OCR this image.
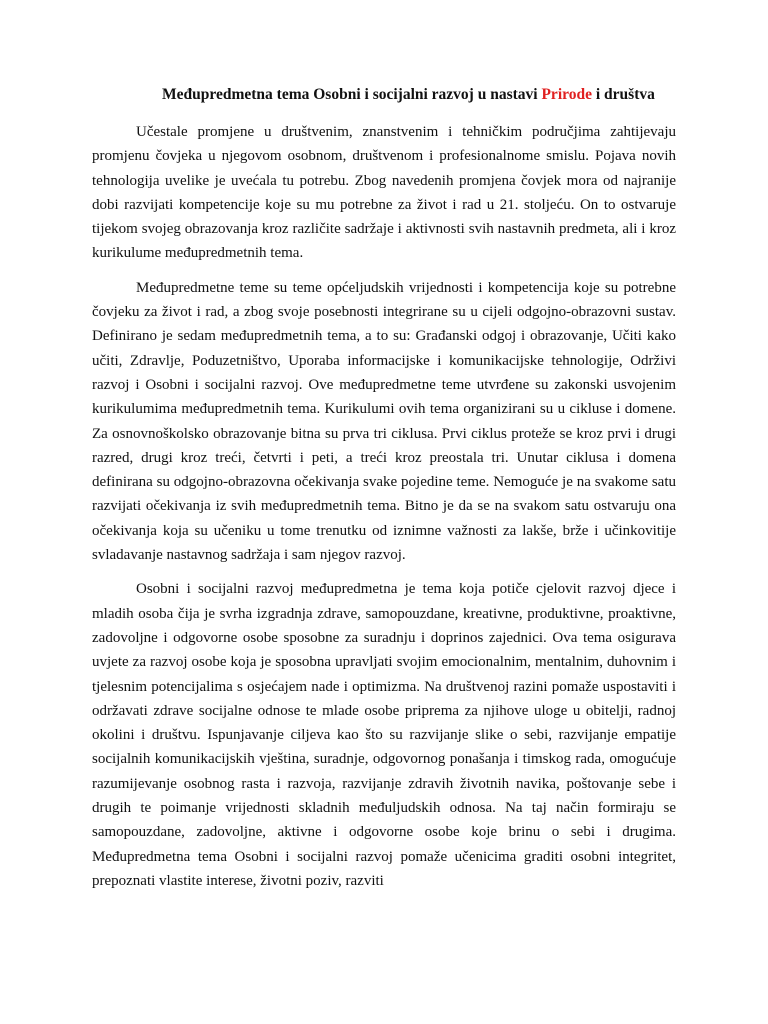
Međupredmetna tema Osobni i socijalni razvoj u nastavi Prirode i društva

Učestale promjene u društvenim, znanstvenim i tehničkim područjima zahtijevaju promjenu čovjeka u njegovom osobnom, društvenom i profesionalnome smislu. Pojava novih tehnologija uvelike je uvećala tu potrebu. Zbog navedenih promjena čovjek mora od najranije dobi razvijati kompetencije koje su mu potrebne za život i rad u 21. stoljeću. On to ostvaruje tijekom svojeg obrazovanja kroz različite sadržaje i aktivnosti svih nastavnih predmeta, ali i kroz kurikulume međupredmetnih tema.

Međupredmetne teme su teme općeljudskih vrijednosti i kompetencija koje su potrebne čovjeku za život i rad, a zbog svoje posebnosti integrirane su u cijeli odgojno-obrazovni sustav. Definirano je sedam međupredmetnih tema, a to su: Građanski odgoj i obrazovanje, Učiti kako učiti, Zdravlje, Poduzetništvo, Uporaba informacijske i komunikacijske tehnologije, Održivi razvoj i Osobni i socijalni razvoj. Ove međupredmetne teme utvrđene su zakonski usvojenim kurikulumima međupredmetnih tema. Kurikulumi ovih tema organizirani su u cikluse i domene. Za osnovnoškolsko obrazovanje bitna su prva tri ciklusa. Prvi ciklus proteže se kroz prvi i drugi razred, drugi kroz treći, četvrti i peti, a treći kroz preostala tri. Unutar ciklusa i domena definirana su odgojno-obrazovna očekivanja svake pojedine teme. Nemoguće je na svakome satu razvijati očekivanja iz svih međupredmetnih tema. Bitno je da se na svakom satu ostvaruju ona očekivanja koja su učeniku u tome trenutku od iznimne važnosti za lakše, brže i učinkovitije svladavanje nastavnog sadržaja i sam njegov razvoj.

Osobni i socijalni razvoj međupredmetna je tema koja potiče cjelovit razvoj djece i mladih osoba čija je svrha izgradnja zdrave, samopouzdane, kreativne, produktivne, proaktivne, zadovoljne i odgovorne osobe sposobne za suradnju i doprinos zajednici. Ova tema osigurava uvjete za razvoj osobe koja je sposobna upravljati svojim emocionalnim, mentalnim, duhovnim i tjelesnim potencijalima s osjećajem nade i optimizma. Na društvenoj razini pomaže uspostaviti i održavati zdrave socijalne odnose te mlade osobe priprema za njihove uloge u obitelji, radnoj okolini i društvu. Ispunjavanje ciljeva kao što su razvijanje slike o sebi, razvijanje empatije socijalnih komunikacijskih vještina, suradnje, odgovornog ponašanja i timskog rada, omogućuje razumijevanje osobnog rasta i razvoja, razvijanje zdravih životnih navika, poštovanje sebe i drugih te poimanje vrijednosti skladnih međuljudskih odnosa. Na taj način formiraju se samopouzdane, zadovoljne, aktivne i odgovorne osobe koje brinu o sebi i drugima. Međupredmetna tema Osobni i socijalni razvoj pomaže učenicima graditi osobni integritet, prepoznati vlastite interese, životni poziv, razviti
